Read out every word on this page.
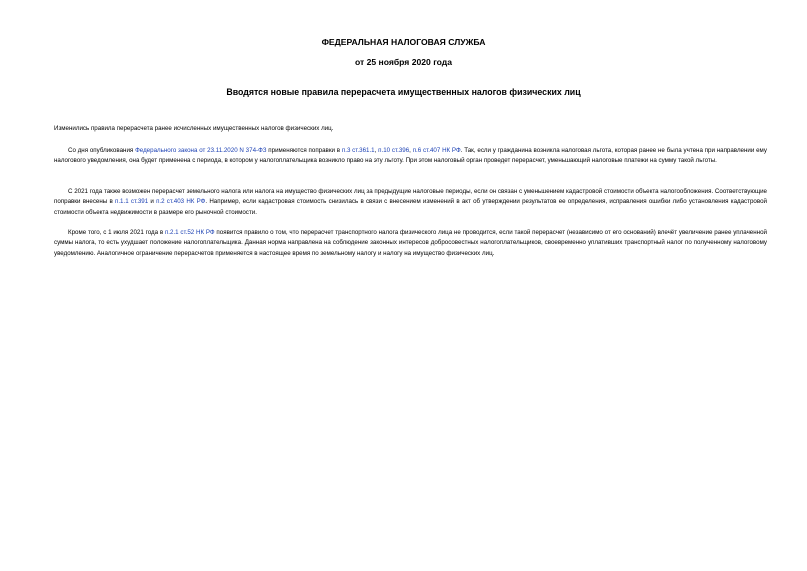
ФЕДЕРАЛЬНАЯ НАЛОГОВАЯ СЛУЖБА
от 25 ноября 2020 года
Вводятся новые правила перерасчета имущественных налогов физических лиц

Изменились правила перерасчета ранее исчисленных имущественных налогов физических лиц.

Со дня опубликования Федерального закона от 23.11.2020 N 374-ФЗ применяются поправки в п.3 ст.361.1, п.10 ст.396, п.6 ст.407 НК РФ. Так, если у гражданина возникла налоговая льгота, которая ранее не была учтена при направлении ему налогового уведомления, она будет применена с периода, в котором у налогоплательщика возникло право на эту льготу. При этом налоговый орган проведет перерасчет, уменьшающий налоговые платежи на сумму такой льготы.

С 2021 года также возможен перерасчет земельного налога или налога на имущество физических лиц за предыдущие налоговые периоды, если он связан с уменьшением кадастровой стоимости объекта налогообложения. Соответствующие поправки внесены в п.1.1 ст.391 и п.2 ст.403 НК РФ. Например, если кадастровая стоимость снизилась в связи с внесением изменений в акт об утверждении результатов ее определения, исправления ошибки либо установления кадастровой стоимости объекта недвижимости в размере его рыночной стоимости.

Кроме того, с 1 июля 2021 года в п.2.1 ст.52 НК РФ появится правило о том, что перерасчет транспортного налога физического лица не проводится, если такой перерасчет (независимо от его оснований) влечёт увеличение ранее уплаченной суммы налога, то есть ухудшает положение налогоплательщика. Данная норма направлена на соблюдение законных интересов добросовестных налогоплательщиков, своевременно уплативших транспортный налог по полученному налоговому уведомлению. Аналогичное ограничение перерасчетов применяется в настоящее время по земельному налогу и налогу на имущество физических лиц.
